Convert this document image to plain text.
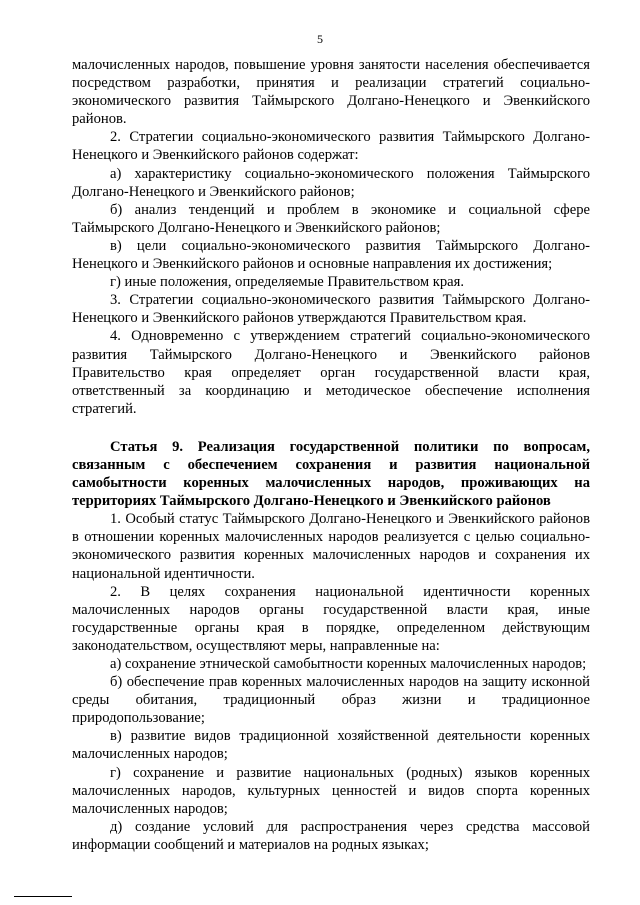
5

малочисленных народов, повышение уровня занятости населения обеспечивается посредством разработки, принятия и реализации стратегий социально-экономического развития Таймырского Долгано-Ненецкого и Эвенкийского районов.

2. Стратегии социально-экономического развития Таймырского Долгано-Ненецкого и Эвенкийского районов содержат:

а) характеристику социально-экономического положения Таймырского Долгано-Ненецкого и Эвенкийского районов;

б) анализ тенденций и проблем в экономике и социальной сфере Таймырского Долгано-Ненецкого и Эвенкийского районов;

в) цели социально-экономического развития Таймырского Долгано-Ненецкого и Эвенкийского районов и основные направления их достижения;

г) иные положения, определяемые Правительством края.

3. Стратегии социально-экономического развития Таймырского Долгано-Ненецкого и Эвенкийского районов утверждаются Правительством края.

4. Одновременно с утверждением стратегий социально-экономического развития Таймырского Долгано-Ненецкого и Эвенкийского районов Правительство края определяет орган государственной власти края, ответственный за координацию и методическое обеспечение исполнения стратегий.

Статья 9. Реализация государственной политики по вопросам, связанным с обеспечением сохранения и развития национальной самобытности коренных малочисленных народов, проживающих на территориях Таймырского Долгано-Ненецкого и Эвенкийского районов

1. Особый статус Таймырского Долгано-Ненецкого и Эвенкийского районов в отношении коренных малочисленных народов реализуется с целью социально-экономического развития коренных малочисленных народов и сохранения их национальной идентичности.

2. В целях сохранения национальной идентичности коренных малочисленных народов органы государственной власти края, иные государственные органы края в порядке, определенном действующим законодательством, осуществляют меры, направленные на:

а) сохранение этнической самобытности коренных малочисленных народов;

б) обеспечение прав коренных малочисленных народов на защиту исконной среды обитания, традиционный образ жизни и традиционное природопользование;

в) развитие видов традиционной хозяйственной деятельности коренных малочисленных народов;

г) сохранение и развитие национальных (родных) языков коренных малочисленных народов, культурных ценностей и видов спорта коренных малочисленных народов;

д) создание условий для распространения через средства массовой информации сообщений и материалов на родных языках;
